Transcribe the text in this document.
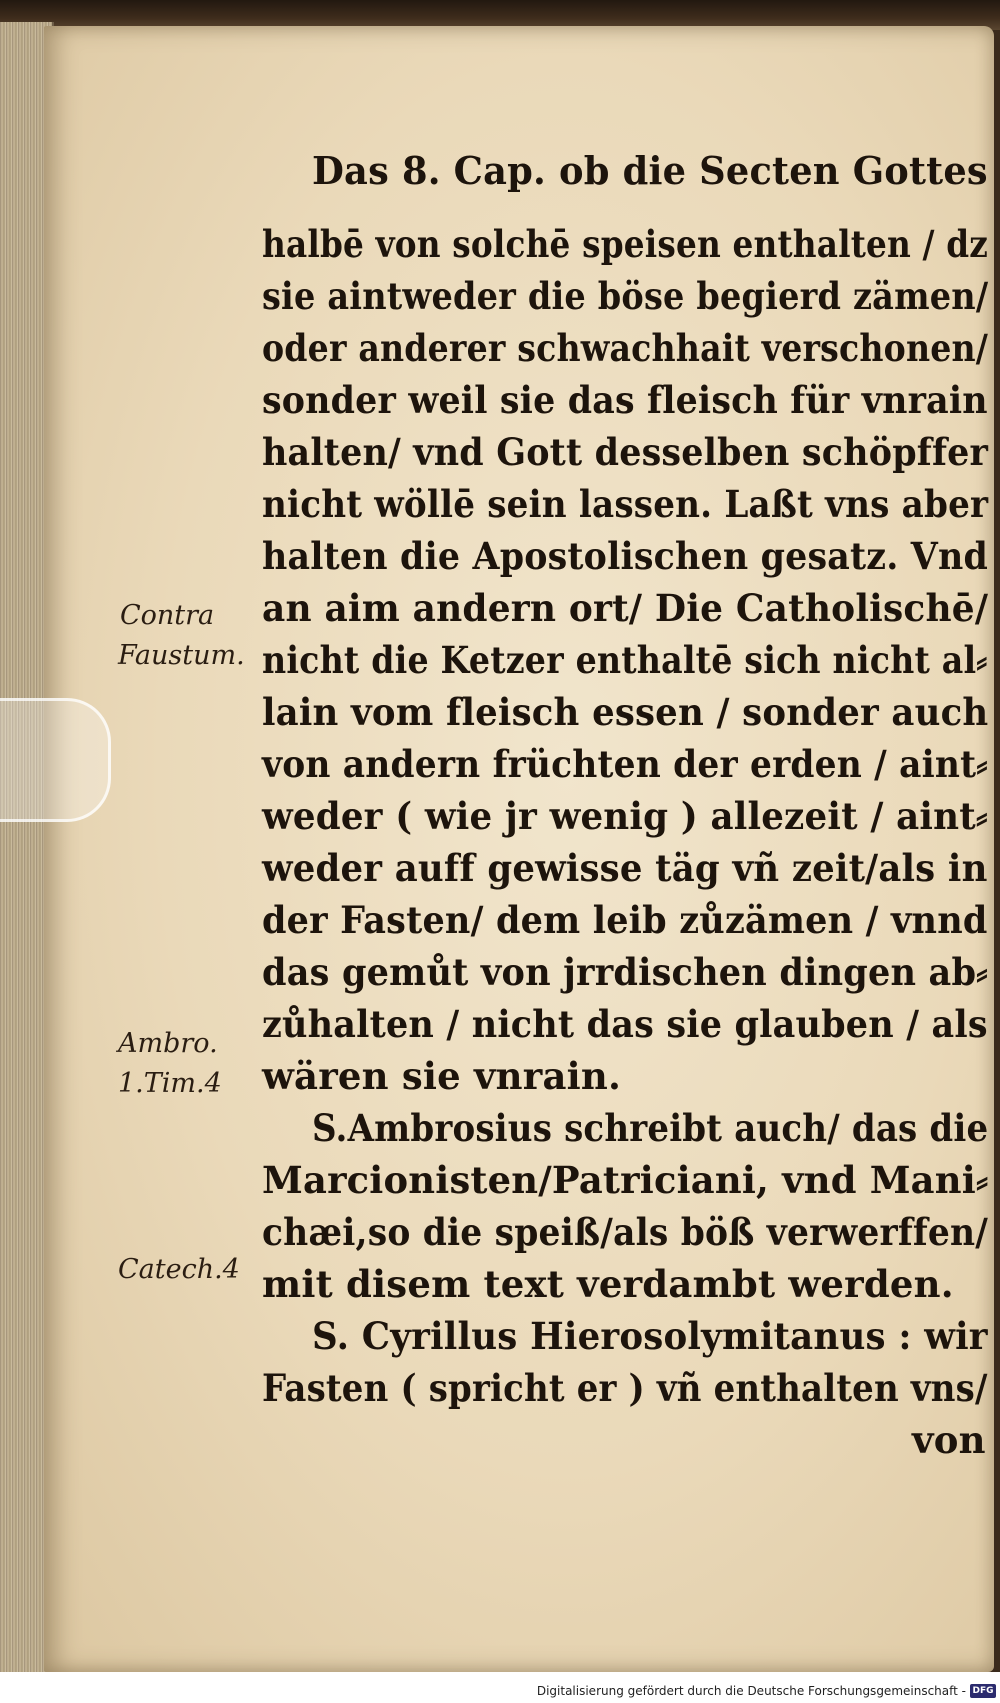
Das 8. Cap. ob die Secten Gottes

halbē von solchē speisen enthalten / dz

sie aintweder die böse begierd zämen/

oder anderer schwachhait verschonen/

sonder weil sie das fleisch für vnrain

halten/ vnd Gott desselben schöpffer

nicht wöllē sein lassen. Laßt vns aber

halten die Apostolischen gesatz. Vnd

an aim andern ort/ Die Catholischē/

nicht die Ketzer enthaltē sich nicht al⸗

lain vom fleisch essen / sonder auch

von andern früchten der erden / aint⸗

weder ( wie jr wenig ) allezeit / aint⸗

weder auff gewisse täg vñ zeit/als in

der Fasten/ dem leib zůzämen / vnnd

das gemůt von jrrdischen dingen ab⸗

zůhalten / nicht das sie glauben / als

wären sie vnrain.

S.Ambrosius schreibt auch/ das die

Marcionisten/Patriciani, vnd Mani⸗

chæi,so die speiß/als böß verwerffen/

mit disem text verdambt werden.

S. Cyrillus Hierosolymitanus : wir

Fasten ( spricht er ) vñ enthalten vns/

von

Contra

Faustum.

Ambro.

1.Tim.4

Catech.4

Digitalisierung gefördert durch die Deutsche Forschungsgemeinschaft - DFG
